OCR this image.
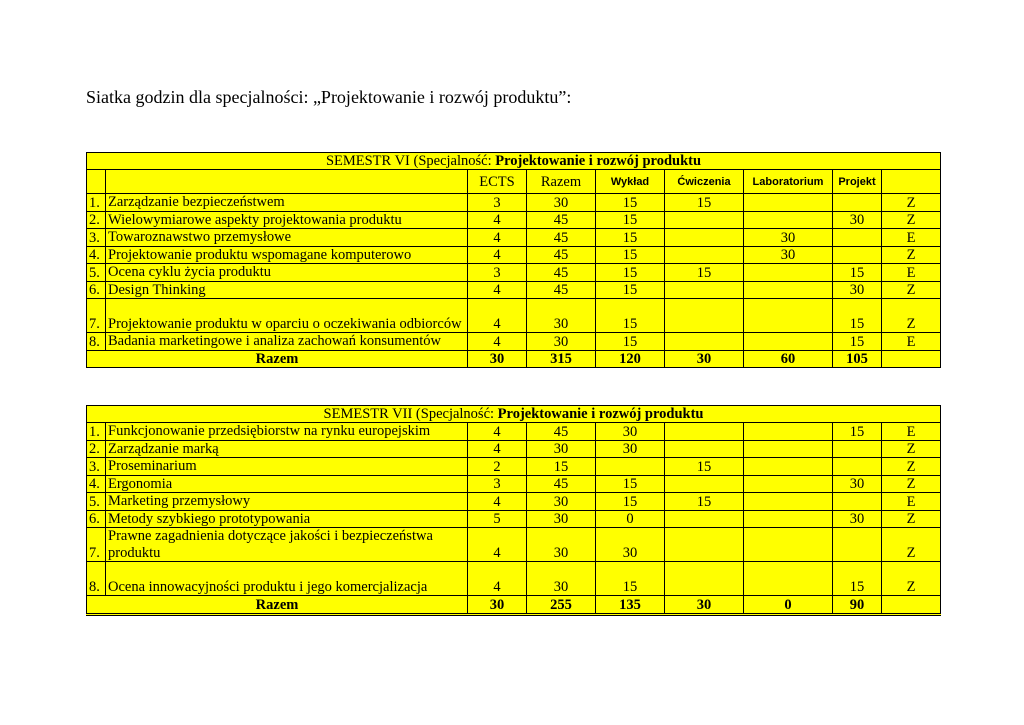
Siatka godzin dla specjalności: „Projektowanie i rozwój produktu”:
SEMESTR VI (Specjalność: Projektowanie i rozwój produktu								
		ECTS	Razem	Wykład	Ćwiczenia	Laboratorium	Projekt	
1.	Zarządzanie bezpieczeństwem	3	30	15	15			Z
2.	Wielowymiarowe aspekty projektowania produktu	4	45	15			30	Z
3.	Towaroznawstwo przemysłowe	4	45	15		30		E
4.	Projektowanie produktu wspomagane komputerowo	4	45	15		30		Z
5.	Ocena cyklu życia produktu	3	45	15	15		15	E
6.	Design Thinking	4	45	15			30	Z
7.	Projektowanie produktu w oparciu o oczekiwania odbiorców	4	30	15			15	Z
8.	Badania marketingowe i analiza zachowań konsumentów	4	30	15			15	E
Razem		30	315	120	30	60	105	
SEMESTR VII (Specjalność: Projektowanie i rozwój produktu								
1.	Funkcjonowanie przedsiębiorstw na rynku europejskim	4	45	30			15	E
2.	Zarządzanie marką	4	30	30				Z
3.	Proseminarium	2	15		15			Z
4.	Ergonomia	3	45	15			30	Z
5.	Marketing przemysłowy	4	30	15	15			E
6.	Metody szybkiego prototypowania	5	30	0			30	Z
7.	Prawne zagadnienia dotyczące jakości i bezpieczeństwa produktu	4	30	30				Z
8.	Ocena innowacyjności produktu i jego komercjalizacja	4	30	15			15	Z
Razem		30	255	135	30	0	90	
